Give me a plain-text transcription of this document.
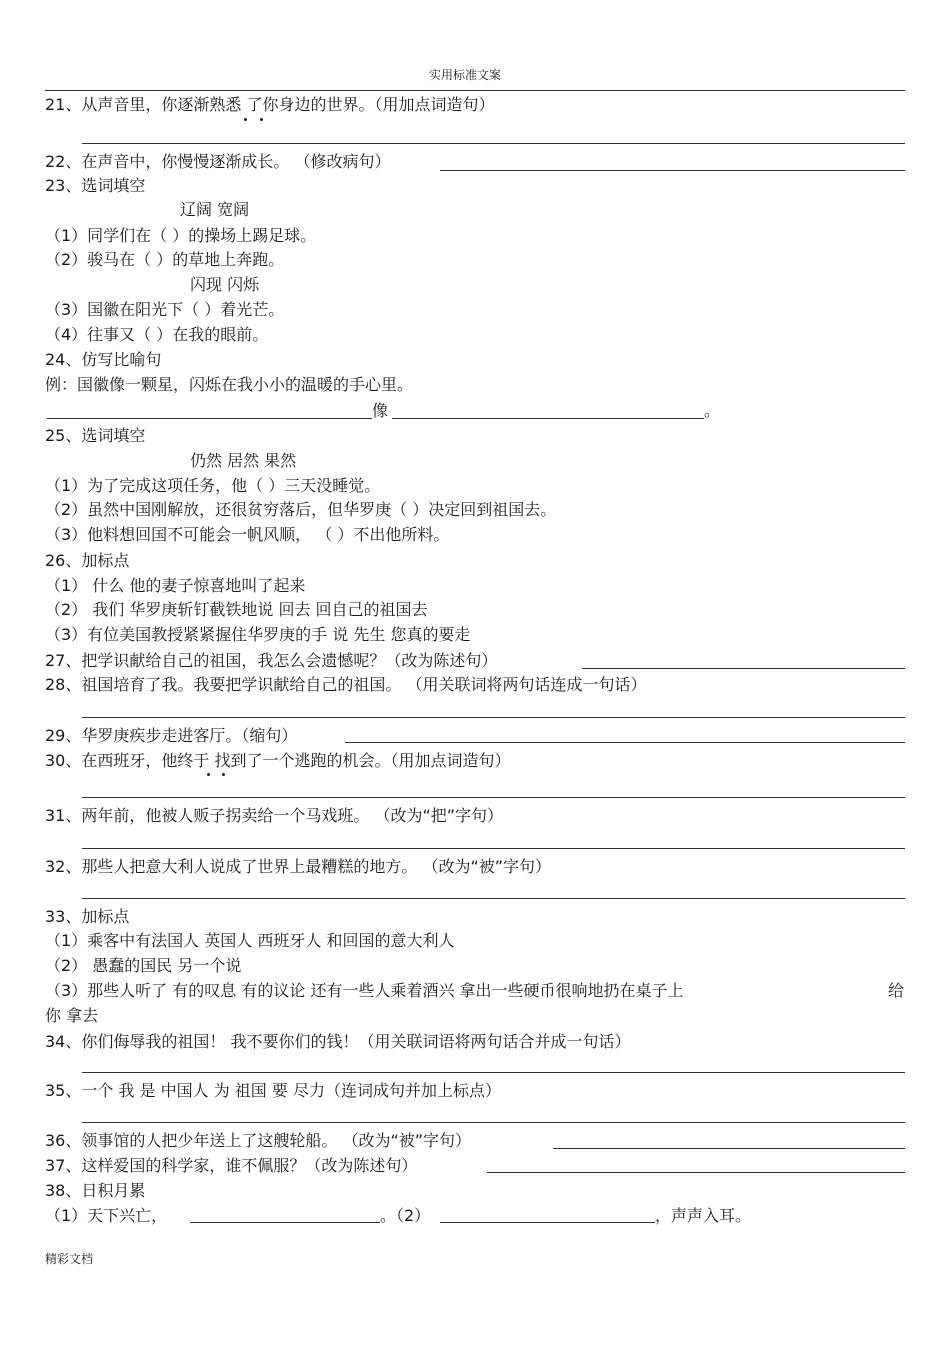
实用标准文案
21、从声音里，你逐渐熟悉 了你身边的世界。（用加点词造句）
22、在声音中，你慢慢逐渐成长。 （修改病句）
23、选词填空
辽阔 宽阔
（1）同学们在（ ）的操场上踢足球。
（2）骏马在（ ）的草地上奔跑。
闪现 闪烁
（3）国徽在阳光下（ ）着光芒。
（4）往事又（ ）在我的眼前。
24、仿写比喻句
例：国徽像一颗星，闪烁在我小小的温暖的手心里。
像	。
25、选词填空
仍然 居然 果然
（1）为了完成这项任务，他（ ）三天没睡觉。
（2）虽然中国刚解放，还很贫穷落后，但华罗庚（ ）决定回到祖国去。
（3）他料想回国不可能会一帆风顺， （ ）不出他所料。
26、加标点
（1） 什么 他的妻子惊喜地叫了起来
（2） 我们 华罗庚斩钉截铁地说 回去 回自己的祖国去
（3）有位美国教授紧紧握住华罗庚的手 说 先生 您真的要走
27、把学识献给自己的祖国，我怎么会遗憾呢？（改为陈述句）
28、祖国培育了我。我要把学识献给自己的祖国。 （用关联词将两句话连成一句话）
29、华罗庚疾步走进客厅。（缩句）
30、在西班牙，他终于 找到了一个逃跑的机会。（用加点词造句）
31、两年前，他被人贩子拐卖给一个马戏班。 （改为“把”字句）
32、那些人把意大利人说成了世界上最糟糕的地方。 （改为“被”字句）
33、加标点
（1）乘客中有法国人 英国人 西班牙人 和回国的意大利人
（2） 愚蠢的国民 另一个说
（3）那些人听了 有的叹息 有的议论 还有一些人乘着酒兴 拿出一些硬币很响地扔在桌子上	给
你 拿去
34、你们侮辱我的祖国！ 我不要你们的钱！（用关联词语将两句话合并成一句话）
35、一个 我 是 中国人 为 祖国 要 尽力（连词成句并加上标点）
36、领事馆的人把少年送上了这艘轮船。 （改为“被”字句）
37、这样爱国的科学家，谁不佩服？（改为陈述句）
38、日积月累
（1）天下兴亡，	。（2）	，声声入耳。
精彩文档
